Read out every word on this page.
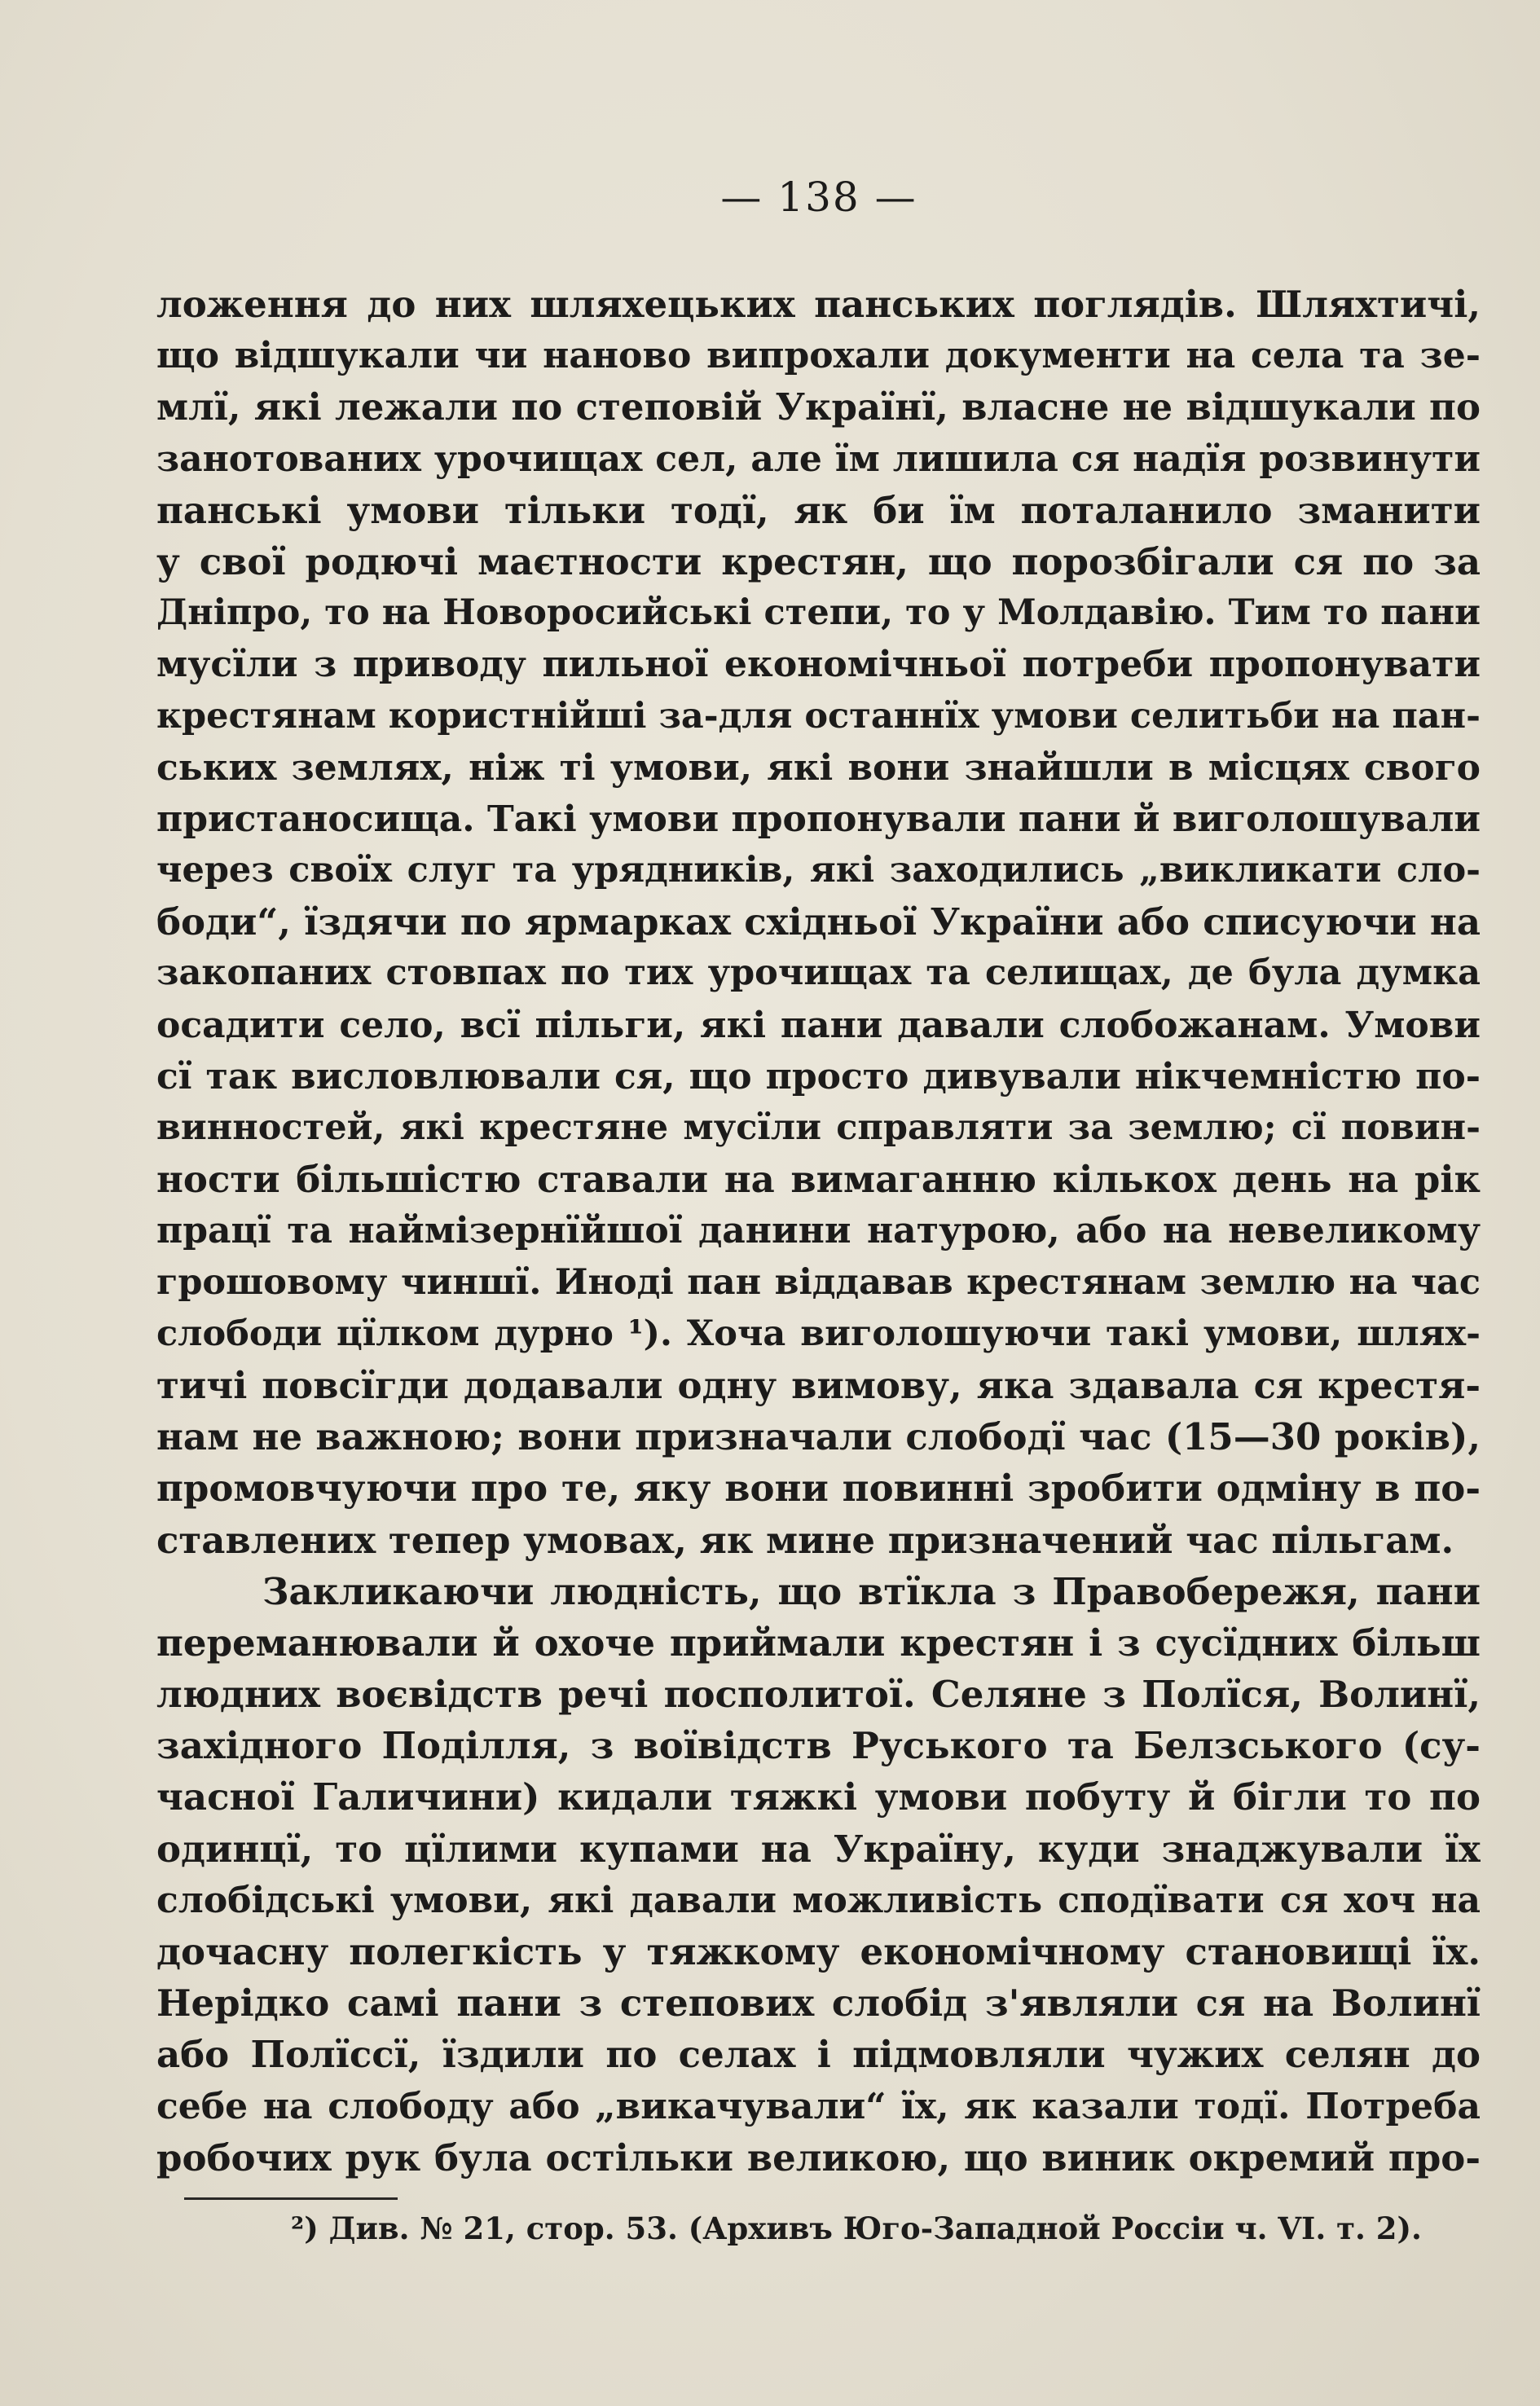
— 138 —
ложення до них шляхецьких панських поглядів. Шляхтичі,
що відшукали чи наново випрохали документи на села та зе-
млї, які лежали по степовій Українї, власне не відшукали по
занотованих урочищах сел, але їм лишила ся надїя розвинути
панські умови тільки тодї, як би їм поталанило зманити
у свої родючі маєтности крестян, що порозбігали ся по за
Дніпро, то на Новоросийські степи, то у Молдавію. Тим то пани
мусїли з приводу пильної економічньої потреби пропонувати
крестянам користнійші за-для останнїх умови селитьби на пан-
ських землях, ніж ті умови, які вони знайшли в місцях свого
пристаносища. Такі умови пропонували пани й виголошували
через своїх слуг та урядників, які заходились „викликати сло-
боди“, їздячи по ярмарках східньої України або списуючи на
закопаних стовпах по тих урочищах та селищах, де була думка
осадити село, всї пільги, які пани давали слобожанам. Умови
сї так висловлювали ся, що просто дивували нікчемністю по-
винностей, які крестяне мусїли справляти за землю; сї повин-
ности більшістю ставали на вимаганню кількох день на рік
працї та наймізернїйшої данини натурою, або на невеликому
грошовому чиншї. Иноді пан віддавав крестянам землю на час
слободи цїлком дурно ¹). Хоча виголошуючи такі умови, шлях-
тичі повсїгди додавали одну вимову, яка здавала ся крестя-
нам не важною; вони призначали слободї час (15—30 років),
промовчуючи про те, яку вони повинні зробити одміну в по-
ставлених тепер умовах, як мине призначений час пільгам.
Закликаючи людність, що втїкла з Правобережя, пани
переманювали й охоче приймали крестян і з сусїдних більш
людних воєвідств речі посполитої. Селяне з Полїся, Волинї,
західного Поділля, з воївідств Руського та Белзського (су-
часної Галичини) кидали тяжкі умови побуту й бігли то по
одинцї, то цїлими купами на Україну, куди знаджували їх
слобідські умови, які давали можливість сподївати ся хоч на
дочасну полегкість у тяжкому економічному становищі їх.
Нерідко самі пани з степових слобід з'являли ся на Волинї
або Полїссї, їздили по селах і підмовляли чужих селян до
себе на слободу або „викачували“ їх, як казали тодї. Потреба
робочих рук була остільки великою, що виник окремий про-
²) Див. № 21, стор. 53. (Архивъ Юго-Западной Россіи ч. VI. т. 2).
